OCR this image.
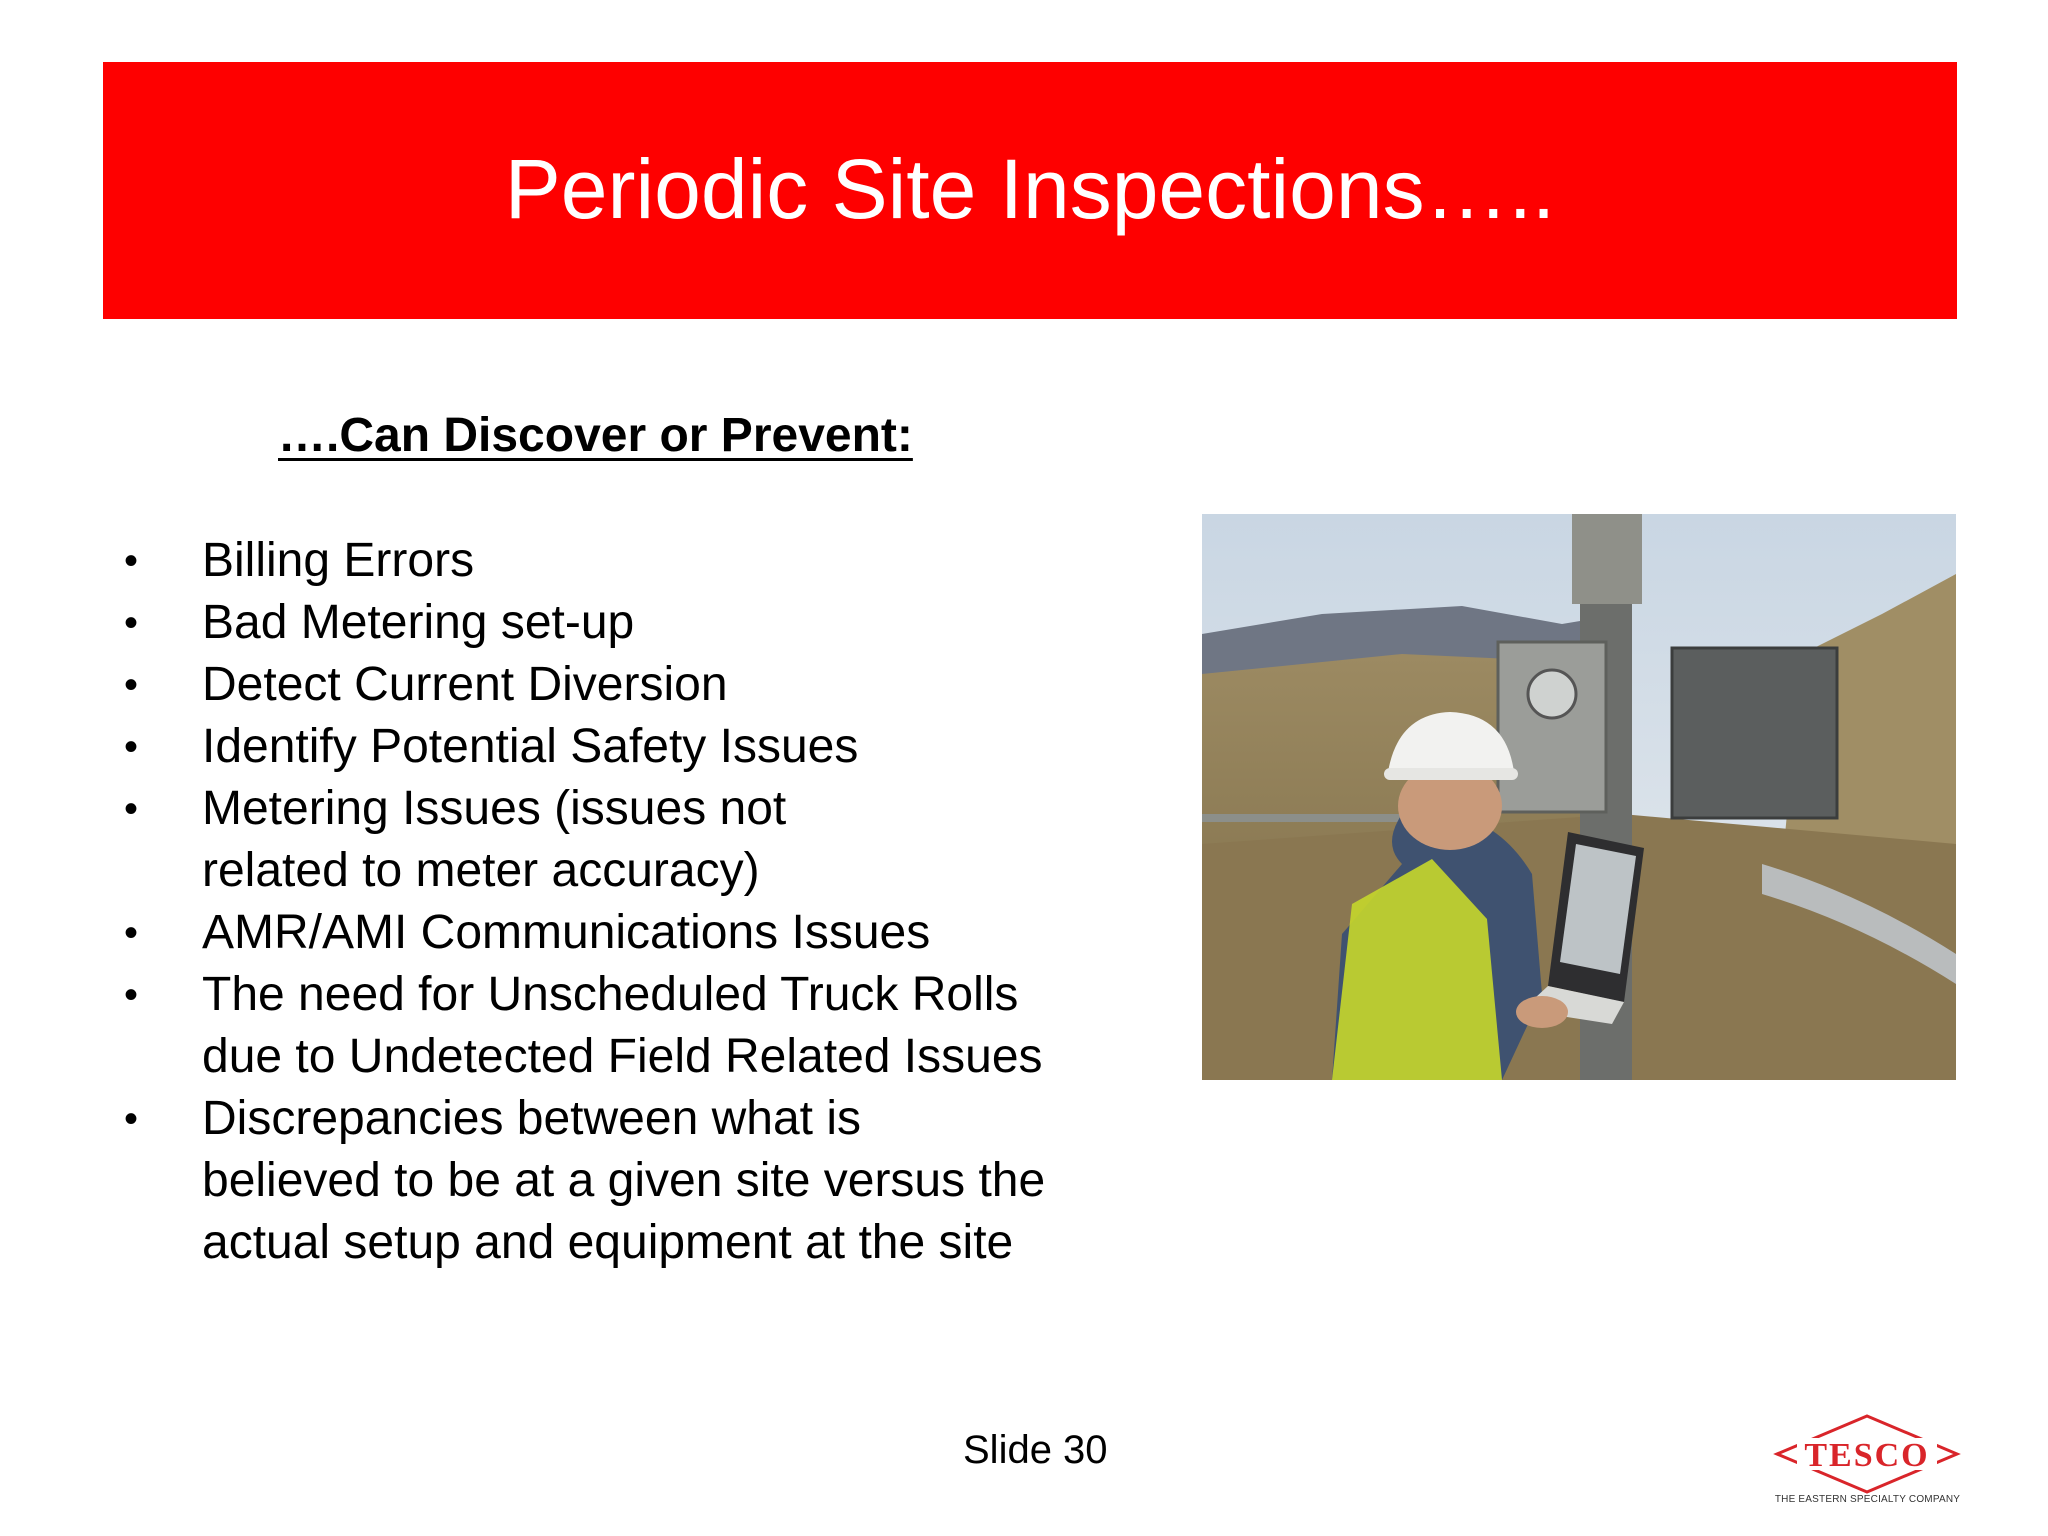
Periodic Site Inspections…..
….Can Discover or Prevent:
• Billing Errors
• Bad Metering set-up
• Detect Current Diversion
• Identify Potential Safety Issues
• Metering Issues (issues not
related to meter accuracy)
• AMR/AMI Communications Issues
• The need for Unscheduled Truck Rolls
due to Undetected Field Related Issues
• Discrepancies between what is
believed to be at a given site versus the
actual setup and equipment at the site
Slide 30	TESCO
THE EASTERN SPECIALTY COMPANY
